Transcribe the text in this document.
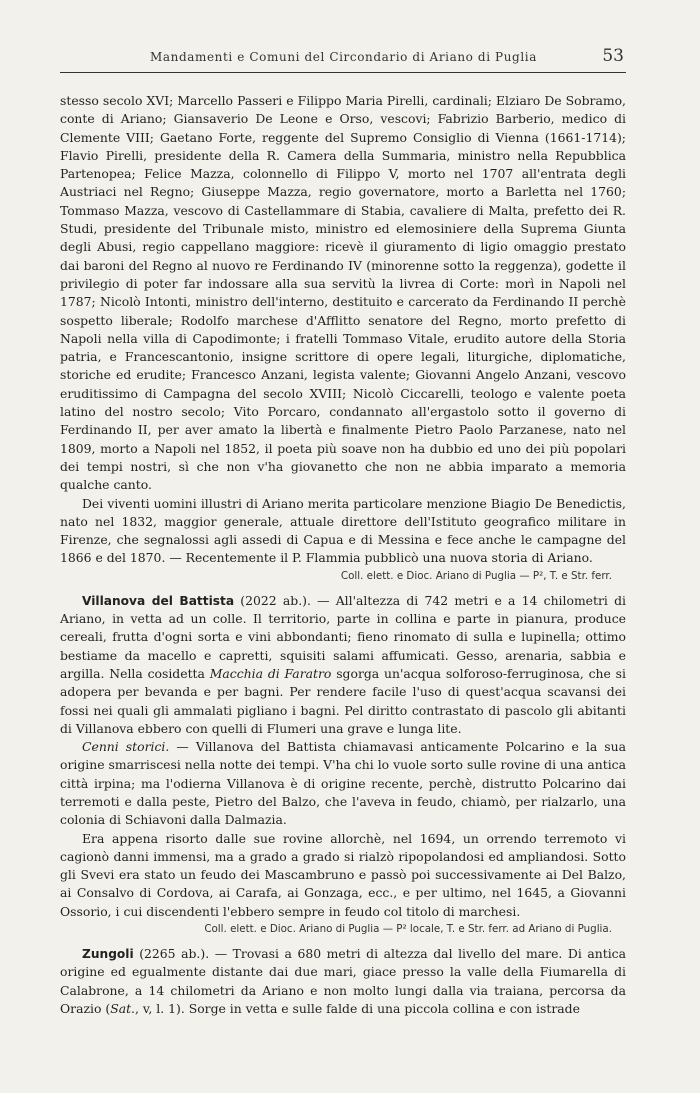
Mandamenti e Comuni del Circondario di Ariano di Puglia	53

stesso secolo XVI; Marcello Passeri e Filippo Maria Pirelli, cardinali; Elziaro De Sobramo, conte di Ariano; Giansaverio De Leone e Orso, vescovi; Fabrizio Barberio, medico di Clemente VIII; Gaetano Forte, reggente del Supremo Consiglio di Vienna (1661-1714); Flavio Pirelli, presidente della R. Camera della Summaria, ministro nella Repubblica Partenopea; Felice Mazza, colonnello di Filippo V, morto nel 1707 all'entrata degli Austriaci nel Regno; Giuseppe Mazza, regio governatore, morto a Barletta nel 1760; Tommaso Mazza, vescovo di Castellammare di Stabia, cavaliere di Malta, prefetto dei R. Studi, presidente del Tribunale misto, ministro ed elemosiniere della Suprema Giunta degli Abusi, regio cappellano maggiore: ricevè il giuramento di ligio omaggio prestato dai baroni del Regno al nuovo re Ferdinando IV (minorenne sotto la reggenza), godette il privilegio di poter far indossare alla sua servitù la livrea di Corte: morì in Napoli nel 1787; Nicolò Intonti, ministro dell'interno, destituito e carcerato da Ferdinando II perchè sospetto liberale; Rodolfo marchese d'Afflitto senatore del Regno, morto prefetto di Napoli nella villa di Capodimonte; i fratelli Tommaso Vitale, erudito autore della Storia patria, e Francescantonio, insigne scrittore di opere legali, liturgiche, diplomatiche, storiche ed erudite; Francesco Anzani, legista valente; Giovanni Angelo Anzani, vescovo eruditissimo di Campagna del secolo XVIII; Nicolò Ciccarelli, teologo e valente poeta latino del nostro secolo; Vito Porcaro, condannato all'ergastolo sotto il governo di Ferdinando II, per aver amato la libertà e finalmente Pietro Paolo Parzanese, nato nel 1809, morto a Napoli nel 1852, il poeta più soave non ha dubbio ed uno dei più popolari dei tempi nostri, sì che non v'ha giovanetto che non ne abbia imparato a memoria qualche canto.

Dei viventi uomini illustri di Ariano merita particolare menzione Biagio De Benedictis, nato nel 1832, maggior generale, attuale direttore dell'Istituto geografico militare in Firenze, che segnalossi agli assedi di Capua e di Messina e fece anche le campagne del 1866 e del 1870. — Recentemente il P. Flammia pubblicò una nuova storia di Ariano.

Coll. elett. e Dioc. Ariano di Puglia — P², T. e Str. ferr.

Villanova del Battista (2022 ab.). — All'altezza di 742 metri e a 14 chilometri di Ariano, in vetta ad un colle. Il territorio, parte in collina e parte in pianura, produce cereali, frutta d'ogni sorta e vini abbondanti; fieno rinomato di sulla e lupinella; ottimo bestiame da macello e capretti, squisiti salami affumicati. Gesso, arenaria, sabbia e argilla. Nella cosidetta Macchia di Faratro sgorga un'acqua solforoso-ferruginosa, che si adopera per bevanda e per bagni. Per rendere facile l'uso di quest'acqua scavansi dei fossi nei quali gli ammalati pigliano i bagni. Pel diritto contrastato di pascolo gli abitanti di Villanova ebbero con quelli di Flumeri una grave e lunga lite.

Cenni storici. — Villanova del Battista chiamavasi anticamente Polcarino e la sua origine smarriscesi nella notte dei tempi. V'ha chi lo vuole sorto sulle rovine di una antica città irpina; ma l'odierna Villanova è di origine recente, perchè, distrutto Polcarino dai terremoti e dalla peste, Pietro del Balzo, che l'aveva in feudo, chiamò, per rialzarlo, una colonia di Schiavoni dalla Dalmazia.

Era appena risorto dalle sue rovine allorchè, nel 1694, un orrendo terremoto vi cagionò danni immensi, ma a grado a grado si rialzò ripopolandosi ed ampliandosi. Sotto gli Svevi era stato un feudo dei Mascambruno e passò poi successivamente ai Del Balzo, ai Consalvo di Cordova, ai Carafa, ai Gonzaga, ecc., e per ultimo, nel 1645, a Giovanni Ossorio, i cui discendenti l'ebbero sempre in feudo col titolo di marchesi.

Coll. elett. e Dioc. Ariano di Puglia — P² locale, T. e Str. ferr. ad Ariano di Puglia.

Zungoli (2265 ab.). — Trovasi a 680 metri di altezza dal livello del mare. Di antica origine ed egualmente distante dai due mari, giace presso la valle della Fiumarella di Calabrone, a 14 chilometri da Ariano e non molto lungi dalla via traiana, percorsa da Orazio (Sat., v, l. 1). Sorge in vetta e sulle falde di una piccola collina e con istrade
